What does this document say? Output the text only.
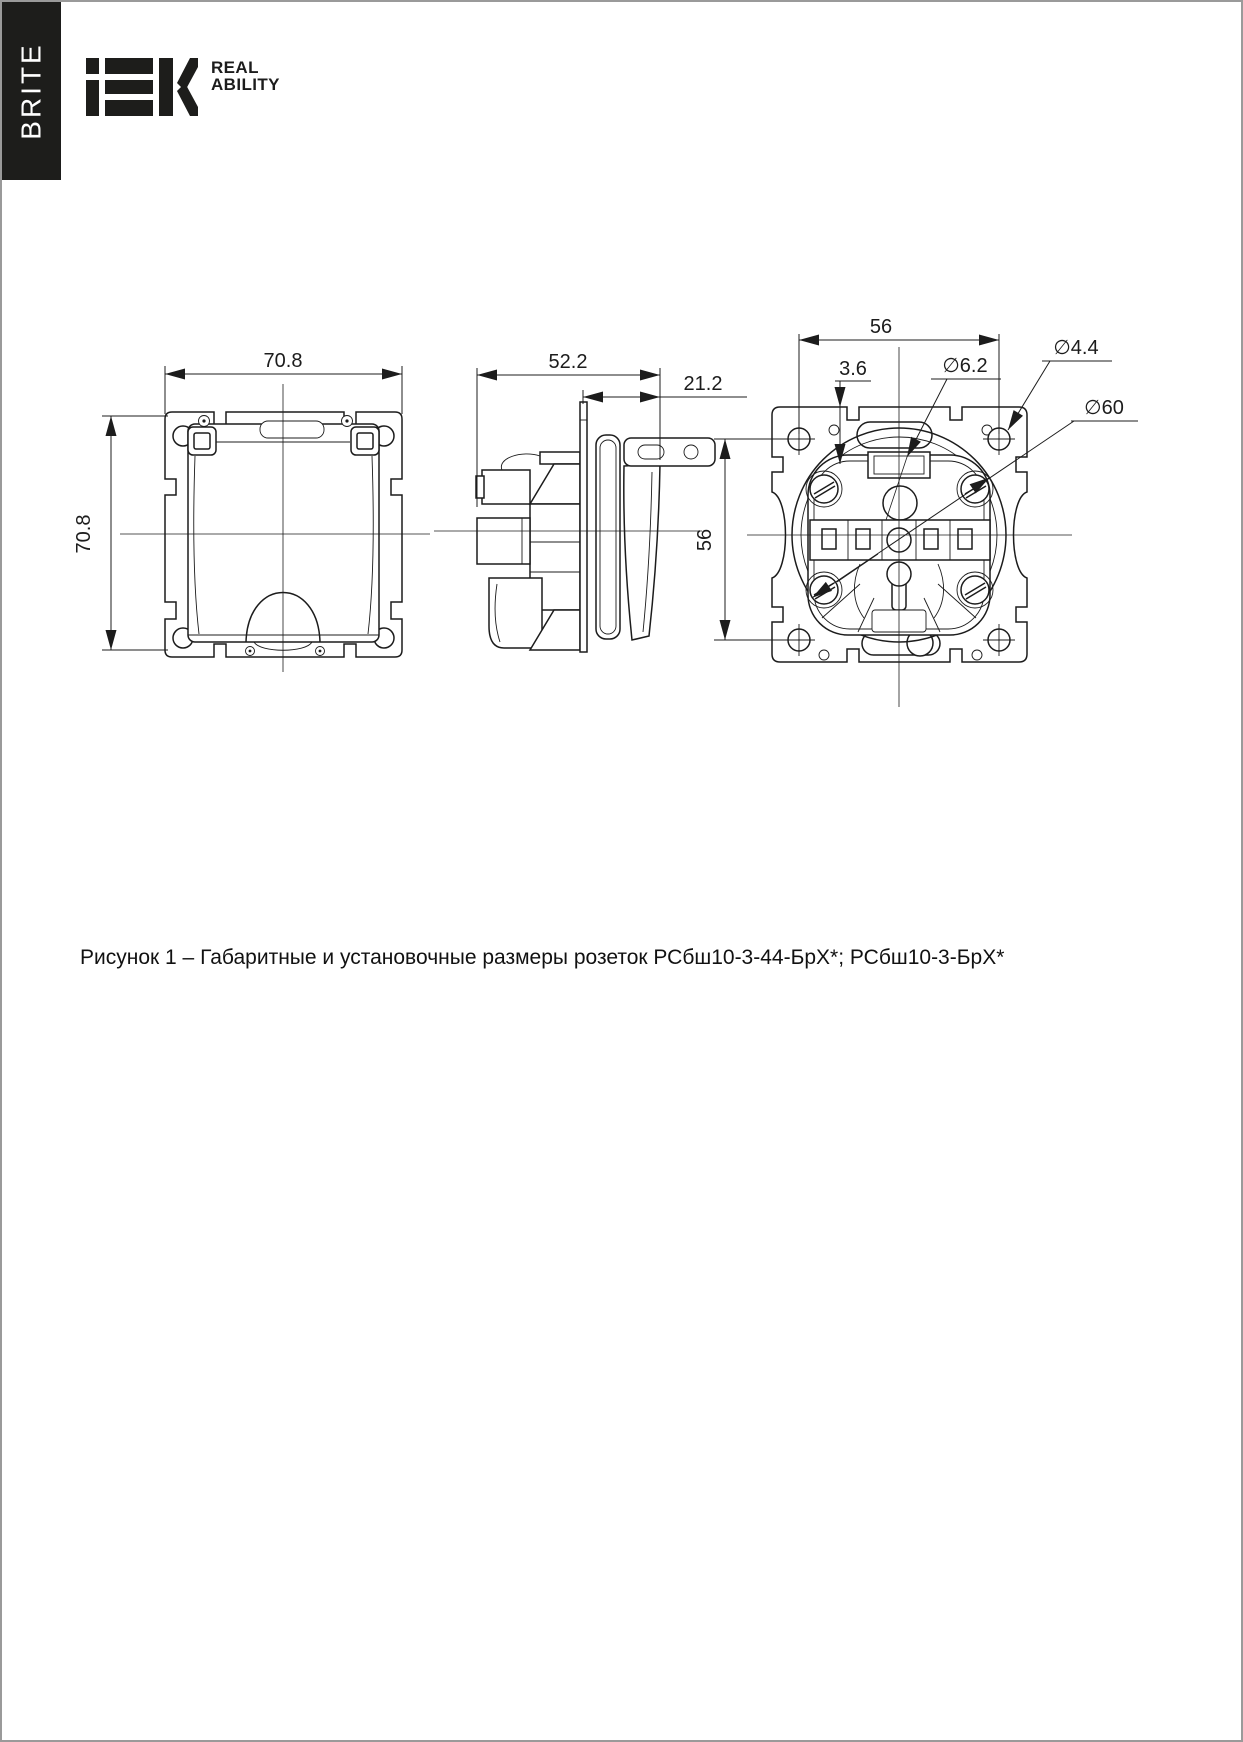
BRITE	REAL
ABILITY
70.8
70.8
52.2
21.2
56
56
3.6	∅6.2
∅4.4
∅60
Рисунок 1 – Габаритные и установочные размеры розеток РСбш10-3-44-БрХ*; РСбш10-3-БрХ*
